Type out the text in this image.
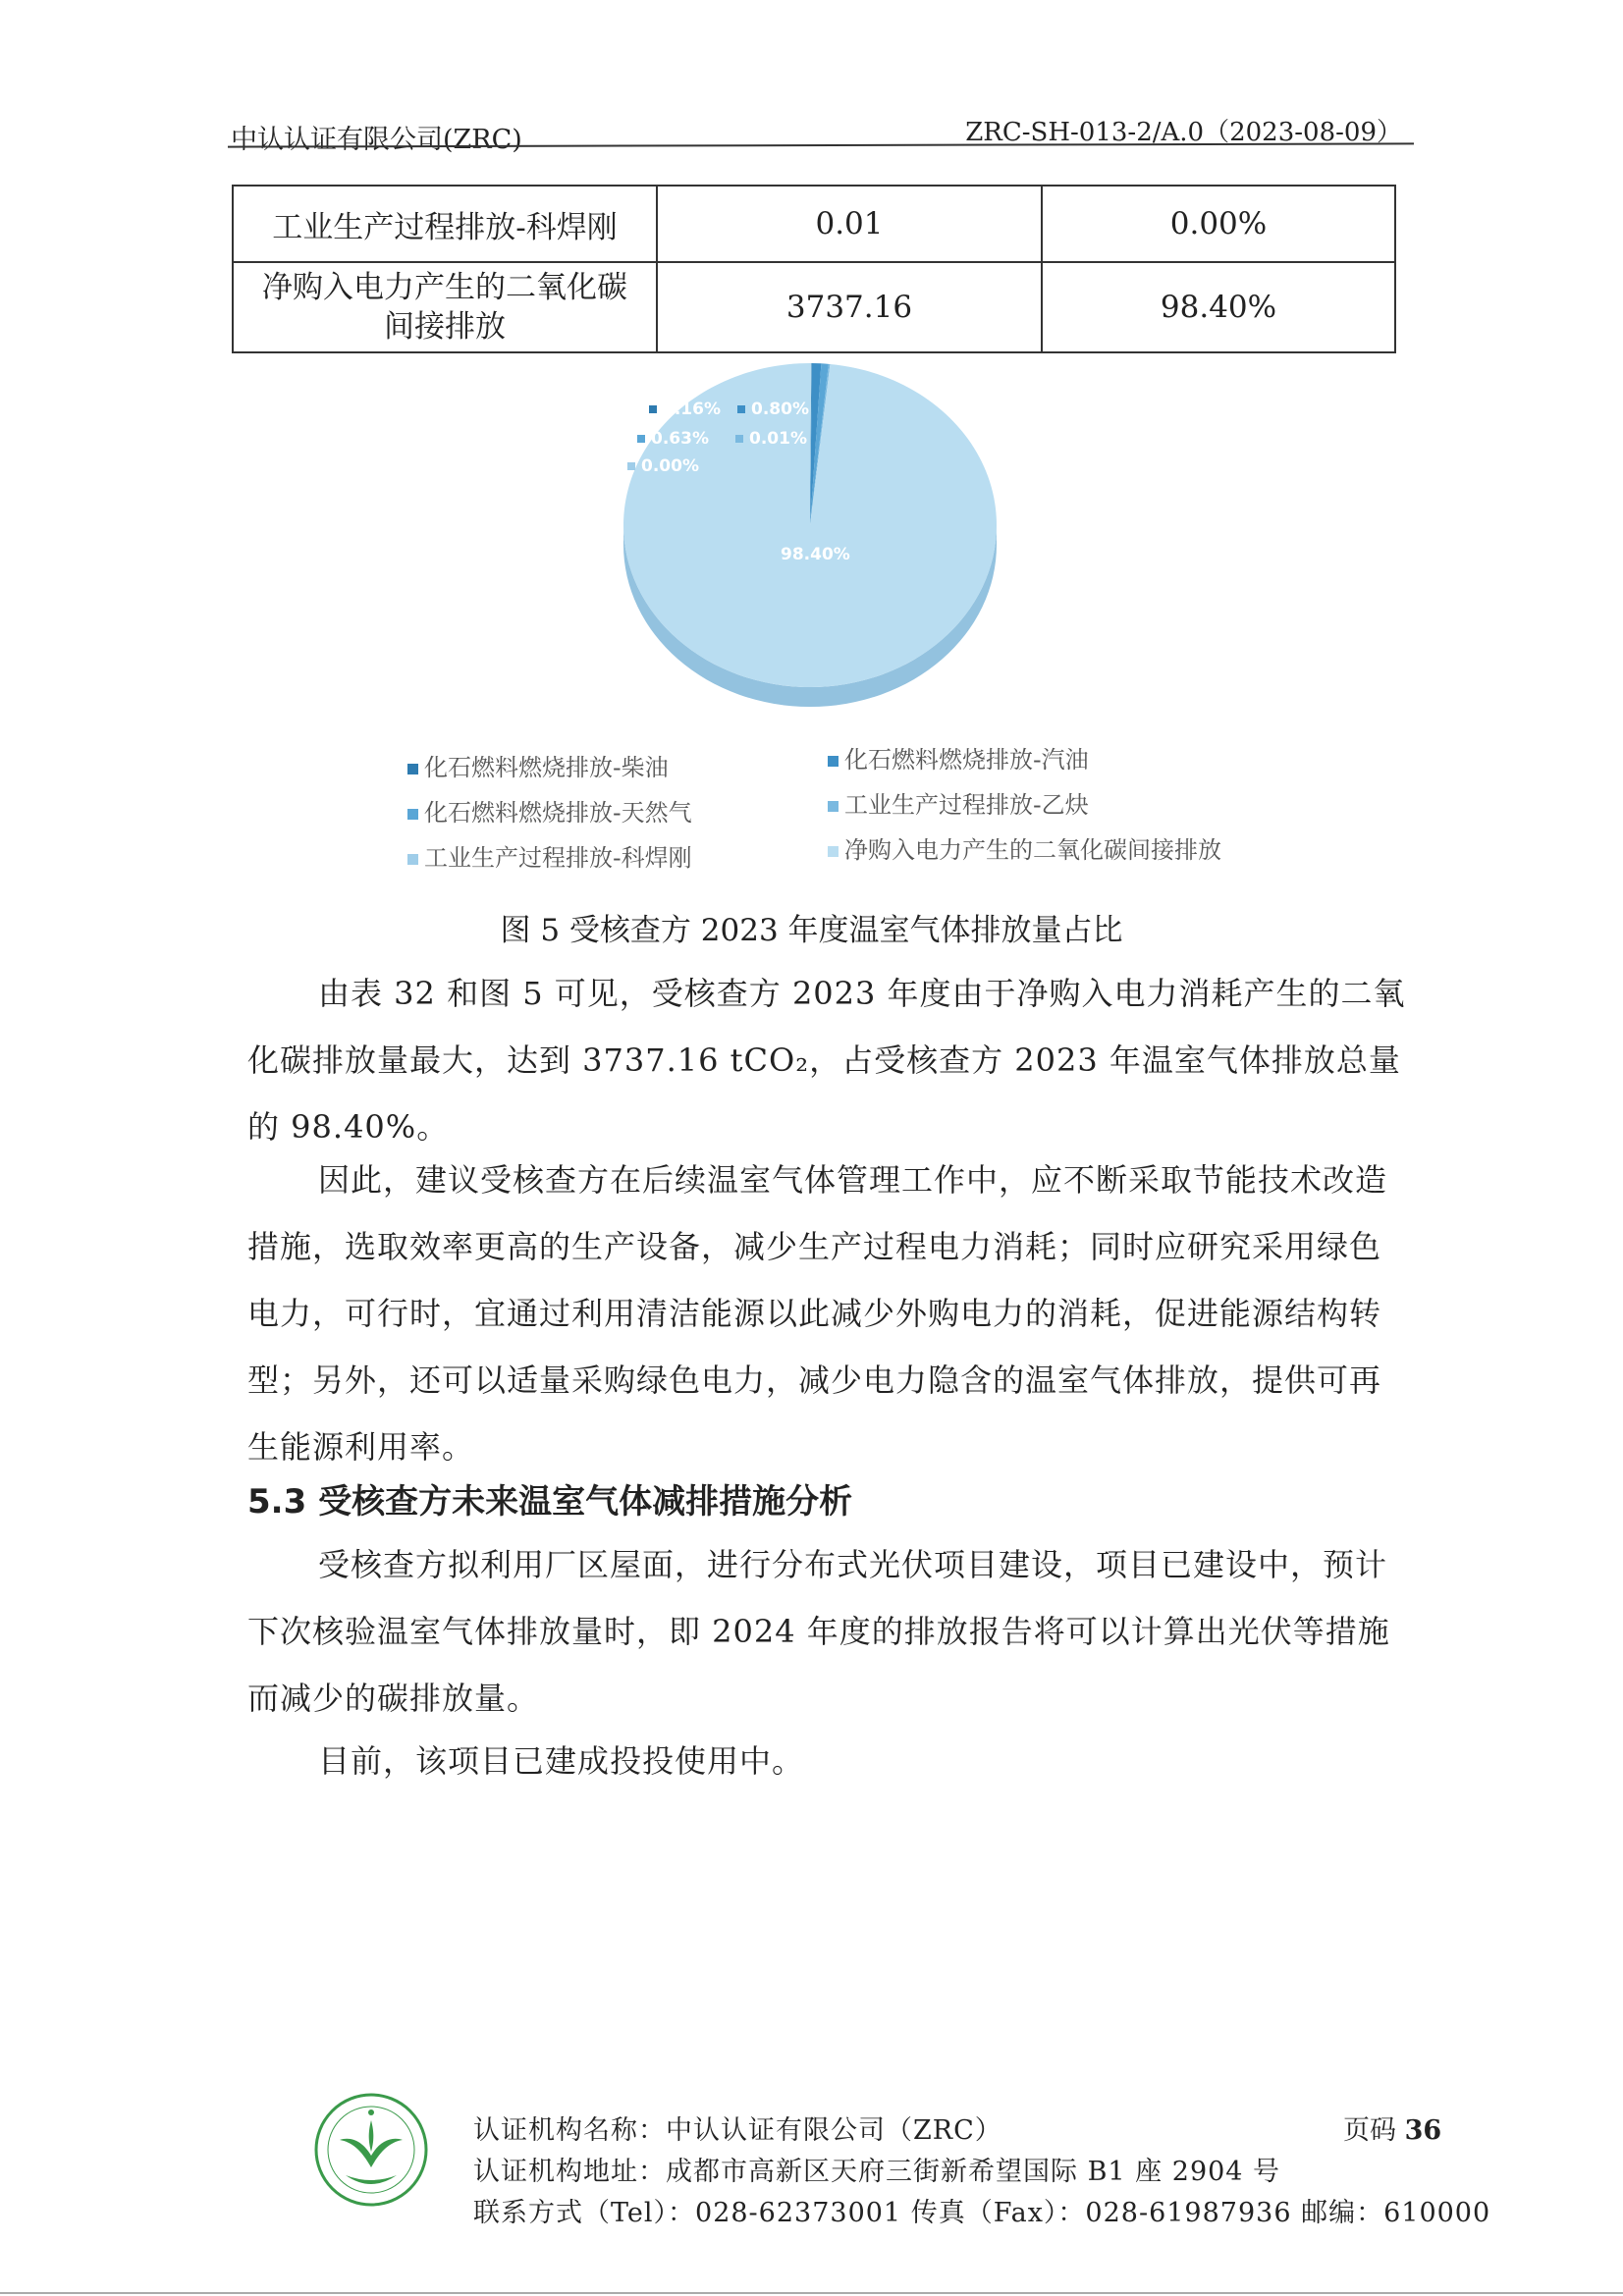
中认认证有限公司(ZRC)	ZRC-SH-013-2/A.0（2023-08-09）
工业生产过程排放-科焊刚	0.01	0.00%

净购入电力产生的二氧化碳
间接排放	3737.16	98.40%
0.16% 0.80%
0.63% 0.01%
0.00%
98.40%
化石燃料燃烧排放-柴油	化石燃料燃烧排放-汽油
化石燃料燃烧排放-天然气	工业生产过程排放-乙炔
工业生产过程排放-科焊刚	净购入电力产生的二氧化碳间接排放
图 5 受核查方 2023 年度温室气体排放量占比
由表 32 和图 5 可见，受核查方 2023 年度由于净购入电力消耗产生的二氧化碳排放量最大，达到 3737.16 tCO₂，占受核查方 2023 年温室气体排放总量的 98.40%。
因此，建议受核查方在后续温室气体管理工作中，应不断采取节能技术改造措施，选取效率更高的生产设备，减少生产过程电力消耗；同时应研究采用绿色电力，可行时，宜通过利用清洁能源以此减少外购电力的消耗，促进能源结构转型；另外，还可以适量采购绿色电力，减少电力隐含的温室气体排放，提供可再生能源利用率。
5.3 受核查方未来温室气体减排措施分析
受核查方拟利用厂区屋面，进行分布式光伏项目建设，项目已建设中，预计下次核验温室气体排放量时，即 2024 年度的排放报告将可以计算出光伏等措施而减少的碳排放量。
目前，该项目已建成投投使用中。
认证机构名称：中认认证有限公司（ZRC）
认证机构地址：成都市高新区天府三街新希望国际 B1 座 2904 号
联系方式（Tel）：028-62373001 传真（Fax）：028-61987936 邮编：610000
页码 36
